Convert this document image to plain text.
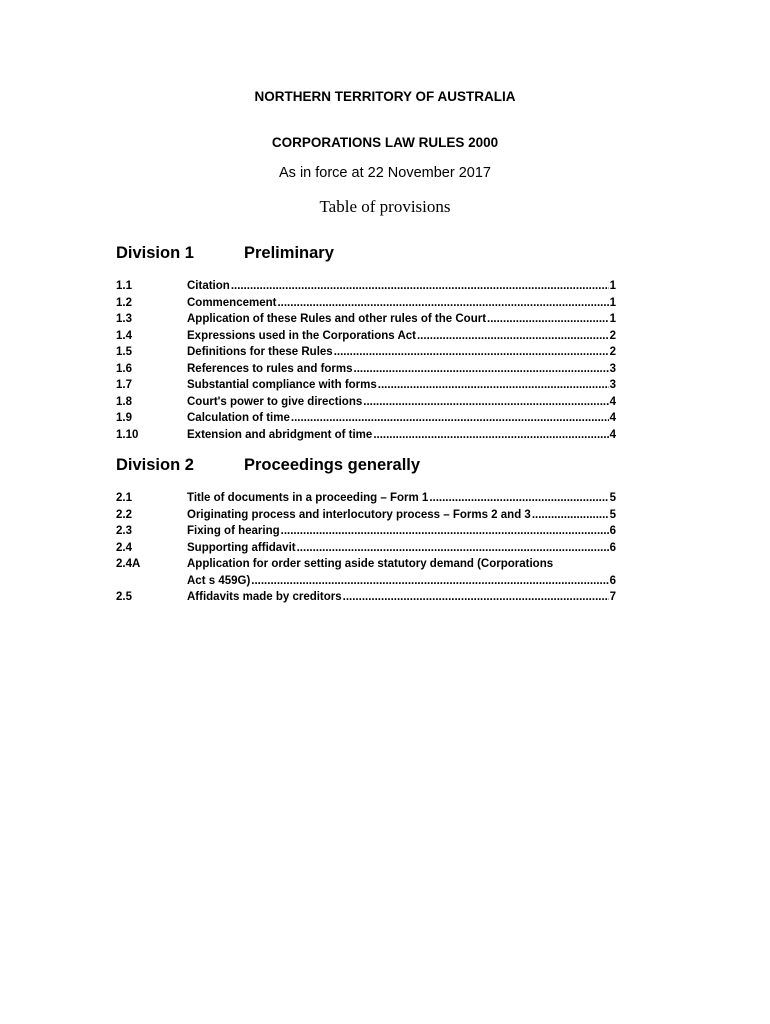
NORTHERN TERRITORY OF AUSTRALIA
CORPORATIONS LAW RULES 2000
As in force at 22 November 2017
Table of provisions
Division 1	Preliminary
1.1	Citation .....	1
1.2	Commencement .....	1
1.3	Application of these Rules and other rules of the Court .....	1
1.4	Expressions used in the Corporations Act .....	2
1.5	Definitions for these Rules .....	2
1.6	References to rules and forms .....	3
1.7	Substantial compliance with forms .....	3
1.8	Court's power to give directions .....	4
1.9	Calculation of time .....	4
1.10	Extension and abridgment of time .....	4
Division 2	Proceedings generally
2.1	Title of documents in a proceeding – Form 1 .....	5
2.2	Originating process and interlocutory process – Forms 2 and 3 .....	5
2.3	Fixing of hearing .....	6
2.4	Supporting affidavit .....	6
2.4A	Application for order setting aside statutory demand (Corporations
Act s 459G) .....	6
2.5	Affidavits made by creditors .....	7
